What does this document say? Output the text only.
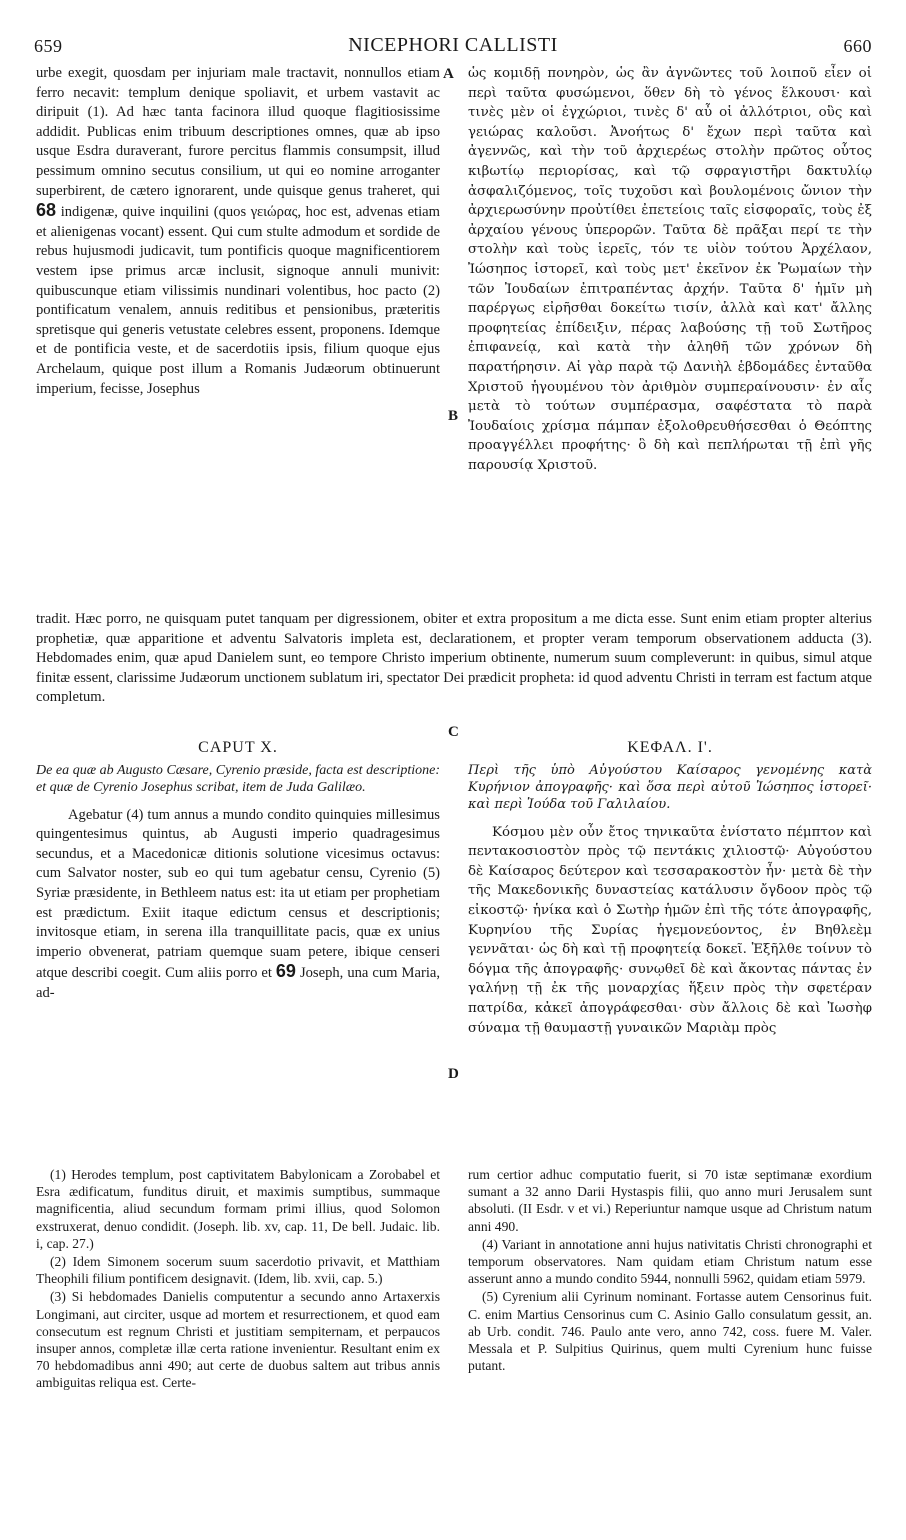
659	NICEPHORI CALLISTI	660
A
B
C
D

urbe exegit, quosdam per injuriam male tractavit, nonnullos etiam ferro necavit: templum denique spoliavit, et urbem vastavit ac diripuit (1). Ad hæc tanta facinora illud quoque flagitiosissime addidit. Publicas enim tribuum descriptiones omnes, quæ ab ipso usque Esdra duraverant, furore percitus flammis consumpsit, illud pessimum omnino secutus consilium, ut qui eo nomine arroganter superbirent, de cætero ignorarent, unde quisque genus traheret, qui 68 indigenæ, quive inquilini (quos γειώρας, hoc est, advenas etiam et alienigenas vocant) essent. Qui cum stulte admodum et sordide de rebus hujusmodi judicavit, tum pontificis quoque magnificentiorem vestem ipse primus arcæ inclusit, signoque annuli munivit: quibuscunque etiam vilissimis nundinari volentibus, hoc pacto (2) pontificatum venalem, annuis reditibus et pensionibus, præteritis spretisque qui generis vetustate celebres essent, proponens. Idemque et de pontificia veste, et de sacerdotiis ipsis, filium quoque ejus Archelaum, quique post illum a Romanis Judæorum obtinuerunt imperium, fecisse, Josephus

ὡς κομιδῇ πονηρὸν, ὡς ἂν ἀγνῶντες τοῦ λοιποῦ εἶεν οἱ περὶ ταῦτα φυσώμενοι, ὅθεν δὴ τὸ γένος ἕλκουσι· καὶ τινὲς μὲν οἱ ἐγχώριοι, τινὲς δ' αὖ οἱ ἀλλότριοι, οὓς καὶ γειώρας καλοῦσι. Ἀνοήτως δ' ἔχων περὶ ταῦτα καὶ ἀγεννῶς, καὶ τὴν τοῦ ἀρχιερέως στολὴν πρῶτος οὗτος κιβωτίῳ περιορίσας, καὶ τῷ σφραγιστῆρι δακτυλίῳ ἀσφαλιζόμενος, τοῖς τυχοῦσι καὶ βουλομένοις ὤνιον τὴν ἀρχιερωσύνην προὐτίθει ἐπετείοις ταῖς εἰσφοραῖς, τοὺς ἐξ ἀρχαίου γένους ὑπερορῶν. Ταῦτα δὲ πρᾶξαι περί τε τὴν στολὴν καὶ τοὺς ἱερεῖς, τόν τε υἱὸν τούτου Ἀρχέλαον, Ἰώσηπος ἱστορεῖ, καὶ τοὺς μετ' ἐκεῖνον ἐκ Ῥωμαίων τὴν τῶν Ἰουδαίων ἐπιτραπέντας ἀρχήν. Ταῦτα δ' ἡμῖν μὴ παρέργως εἰρῆσθαι δοκείτω τισίν, ἀλλὰ καὶ κατ' ἄλλης προφητείας ἐπίδειξιν, πέρας λαβούσης τῇ τοῦ Σωτῆρος ἐπιφανείᾳ, καὶ κατὰ τὴν ἀληθῆ τῶν χρόνων δὴ παρατήρησιν. Αἱ γὰρ παρὰ τῷ Δανιὴλ ἑβδομάδες ἐνταῦθα Χριστοῦ ἡγουμένου τὸν ἀριθμὸν συμπεραίνουσιν· ἐν αἷς μετὰ τὸ τούτων συμπέρασμα, σαφέστατα τὸ παρὰ Ἰουδαίοις χρίσμα πάμπαν ἐξολοθρευθήσεσθαι ὁ Θεόπτης προαγγέλλει προφήτης· ὃ δὴ καὶ πεπλήρωται τῇ ἐπὶ γῆς παρουσίᾳ Χριστοῦ.

tradit. Hæc porro, ne quisquam putet tanquam per digressionem, obiter et extra propositum a me dicta esse. Sunt enim etiam propter alterius prophetiæ, quæ apparitione et adventu Salvatoris impleta est, declarationem, et propter veram temporum observationem adducta (3). Hebdomades enim, quæ apud Danielem sunt, eo tempore Christo imperium obtinente, numerum suum compleverunt: in quibus, simul atque finitæ essent, clarissime Judæorum unctionem sublatum iri, spectator Dei prædicit propheta: id quod adventu Christi in terram est factum atque completum.

CAPUT X.
De ea quæ ab Augusto Cæsare, Cyrenio præside, facta est descriptione: et quæ de Cyrenio Josephus scribat, item de Juda Galilæo.

Agebatur (4) tum annus a mundo condito quinquies millesimus quingentesimus quintus, ab Augusti imperio quadragesimus secundus, et a Macedonicæ ditionis solutione vicesimus octavus: cum Salvator noster, sub eo qui tum agebatur censu, Cyrenio (5) Syriæ præsidente, in Bethleem natus est: ita ut etiam per prophetiam est prædictum. Exiit itaque edictum census et descriptionis; invitosque etiam, in serena illa tranquillitate pacis, quæ ex unius imperio obvenerat, patriam quemque suam petere, ibique censeri atque describi coegit. Cum aliis porro et 69 Joseph, una cum Maria, ad-

ΚΕΦΑΛ. Ι'.
Περὶ τῆς ὑπὸ Αὐγούστου Καίσαρος γενομένης κατὰ Κυρήνιον ἀπογραφῆς· καὶ ὅσα περὶ αὐτοῦ Ἰώσηπος ἱστορεῖ· καὶ περὶ Ἰούδα τοῦ Γαλιλαίου.

Κόσμου μὲν οὖν ἔτος τηνικαῦτα ἐνίστατο πέμπτον καὶ πεντακοσιοστὸν πρὸς τῷ πεντάκις χιλιοστῷ· Αὐγούστου δὲ Καίσαρος δεύτερον καὶ τεσσαρακοστὸν ἦν· μετὰ δὲ τὴν τῆς Μακεδονικῆς δυναστείας κατάλυσιν ὄγδοον πρὸς τῷ εἰκοστῷ· ἡνίκα καὶ ὁ Σωτὴρ ἡμῶν ἐπὶ τῆς τότε ἀπογραφῆς, Κυρηνίου τῆς Συρίας ἡγεμονεύοντος, ἐν Βηθλεὲμ γεννᾶται· ὡς δὴ καὶ τῇ προφητείᾳ δοκεῖ. Ἐξῆλθε τοίνυν τὸ δόγμα τῆς ἀπογραφῆς· συνῳθεῖ δὲ καὶ ἄκοντας πάντας ἐν γαλήνῃ τῇ ἐκ τῆς μοναρχίας ἥξειν πρὸς τὴν σφετέραν πατρίδα, κἀκεῖ ἀπογράφεσθαι· σὺν ἄλλοις δὲ καὶ Ἰωσὴφ σύναμα τῇ θαυμαστῇ γυναικῶν Μαριὰμ πρὸς

(1) Herodes templum, post captivitatem Babylonicam a Zorobabel et Esra ædificatum, funditus diruit, et maximis sumptibus, summaque magnificentia, aliud secundum formam primi illius, quod Solomon exstruxerat, denuo condidit. (Joseph. lib. xv, cap. 11, De bell. Judaic. lib. i, cap. 27.)

(2) Idem Simonem socerum suum sacerdotio privavit, et Matthiam Theophili filium pontificem designavit. (Idem, lib. xvii, cap. 5.)

(3) Si hebdomades Danielis computentur a secundo anno Artaxerxis Longimani, aut circiter, usque ad mortem et resurrectionem, et quod eam consecutum est regnum Christi et justitiam sempiternam, et perpaucos insuper annos, completæ illæ certa ratione invenientur. Resultant enim ex 70 hebdomadibus anni 490; aut certe de duobus saltem aut tribus annis ambiguitas reliqua est. Certe-

rum certior adhuc computatio fuerit, si 70 istæ septimanæ exordium sumant a 32 anno Darii Hystaspis filii, quo anno muri Jerusalem sunt absoluti. (II Esdr. v et vi.) Reperiuntur namque usque ad Christum natum anni 490.

(4) Variant in annotatione anni hujus nativitatis Christi chronographi et temporum observatores. Nam quidam etiam Christum natum esse asserunt anno a mundo condito 5944, nonnulli 5962, quidam etiam 5979.

(5) Cyrenium alii Cyrinum nominant. Fortasse autem Censorinus fuit. C. enim Martius Censorinus cum C. Asinio Gallo consulatum gessit, an. ab Urb. condit. 746. Paulo ante vero, anno 742, coss. fuere M. Valer. Messala et P. Sulpitius Quirinus, quem multi Cyrenium hunc fuisse putant.
